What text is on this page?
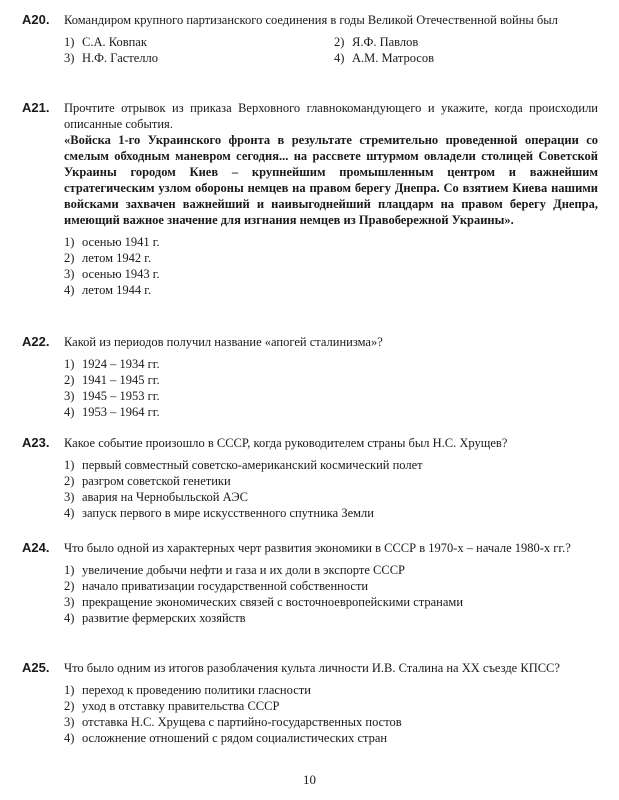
A20. Командиром крупного партизанского соединения в годы Великой Отечественной войны был
1) С.А. Ковпак	2) Я.Ф. Павлов
3) Н.Ф. Гастелло	4) А.М. Матросов
A21. Прочтите отрывок из приказа Верховного главнокомандующего и укажите, когда происходили описанные события.
«Войска 1-го Украинского фронта в результате стремительно проведенной операции со смелым обходным маневром сегодня... на рассвете штурмом овладели столицей Советской Украины городом Киев – крупнейшим промышленным центром и важнейшим стратегическим узлом обороны немцев на правом берегу Днепра. Со взятием Киева нашими войсками захвачен важнейший и наивыгоднейший плацдарм на правом берегу Днепра, имеющий важное значение для изгнания немцев из Правобережной Украины».
1) осенью 1941 г.
2) летом 1942 г.
3) осенью 1943 г.
4) летом 1944 г.
A22. Какой из периодов получил название «апогей сталинизма»?
1) 1924 – 1934 гг.
2) 1941 – 1945 гг.
3) 1945 – 1953 гг.
4) 1953 – 1964 гг.
A23. Какое событие произошло в СССР, когда руководителем страны был Н.С. Хрущев?
1) первый совместный советско-американский космический полет
2) разгром советской генетики
3) авария на Чернобыльской АЭС
4) запуск первого в мире искусственного спутника Земли
A24. Что было одной из характерных черт развития экономики в СССР в 1970-х – начале 1980-х гг.?
1) увеличение добычи нефти и газа и их доли в экспорте СССР
2) начало приватизации государственной собственности
3) прекращение экономических связей с восточноевропейскими странами
4) развитие фермерских хозяйств
A25. Что было одним из итогов разоблачения культа личности И.В. Сталина на XX съезде КПСС?
1) переход к проведению политики гласности
2) уход в отставку правительства СССР
3) отставка Н.С. Хрущева с партийно-государственных постов
4) осложнение отношений с рядом социалистических стран
10
